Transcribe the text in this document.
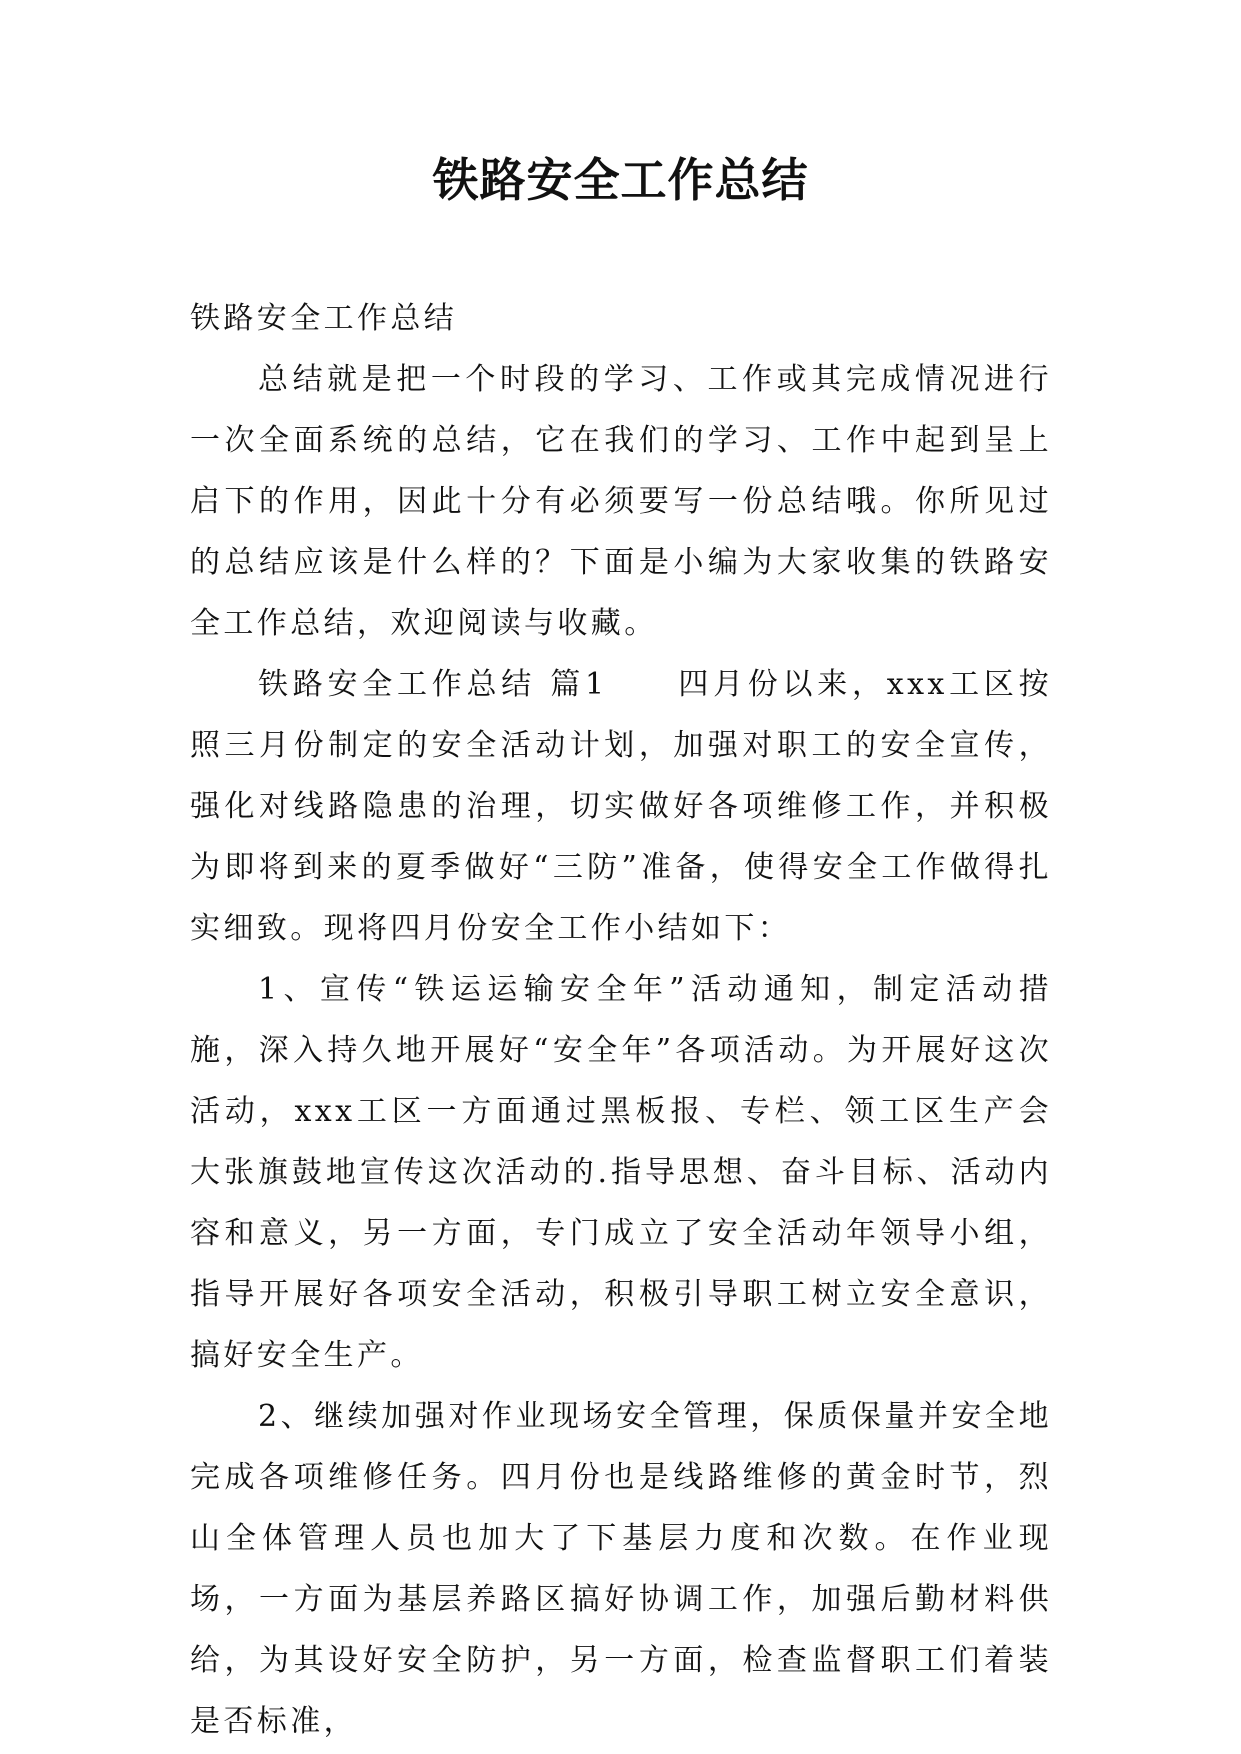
铁路安全工作总结

铁路安全工作总结

总结就是把一个时段的学习、工作或其完成情况进行一次全面系统的总结，它在我们的学习、工作中起到呈上启下的作用，因此十分有必须要写一份总结哦。你所见过的总结应该是什么样的？下面是小编为大家收集的铁路安全工作总结，欢迎阅读与收藏。

铁路安全工作总结 篇1　　四月份以来，xxx工区按照三月份制定的安全活动计划，加强对职工的安全宣传，强化对线路隐患的治理，切实做好各项维修工作，并积极为即将到来的夏季做好“三防”准备，使得安全工作做得扎实细致。现将四月份安全工作小结如下：

1、宣传“铁运运输安全年”活动通知，制定活动措施，深入持久地开展好“安全年”各项活动。为开展好这次活动，xxx工区一方面通过黑板报、专栏、领工区生产会大张旗鼓地宣传这次活动的.指导思想、奋斗目标、活动内容和意义，另一方面，专门成立了安全活动年领导小组，指导开展好各项安全活动，积极引导职工树立安全意识，搞好安全生产。

2、继续加强对作业现场安全管理，保质保量并安全地完成各项维修任务。四月份也是线路维修的黄金时节，烈山全体管理人员也加大了下基层力度和次数。在作业现场，一方面为基层养路区搞好协调工作，加强后勤材料供给，为其设好安全防护，另一方面，检查监督职工们着装是否标准，
